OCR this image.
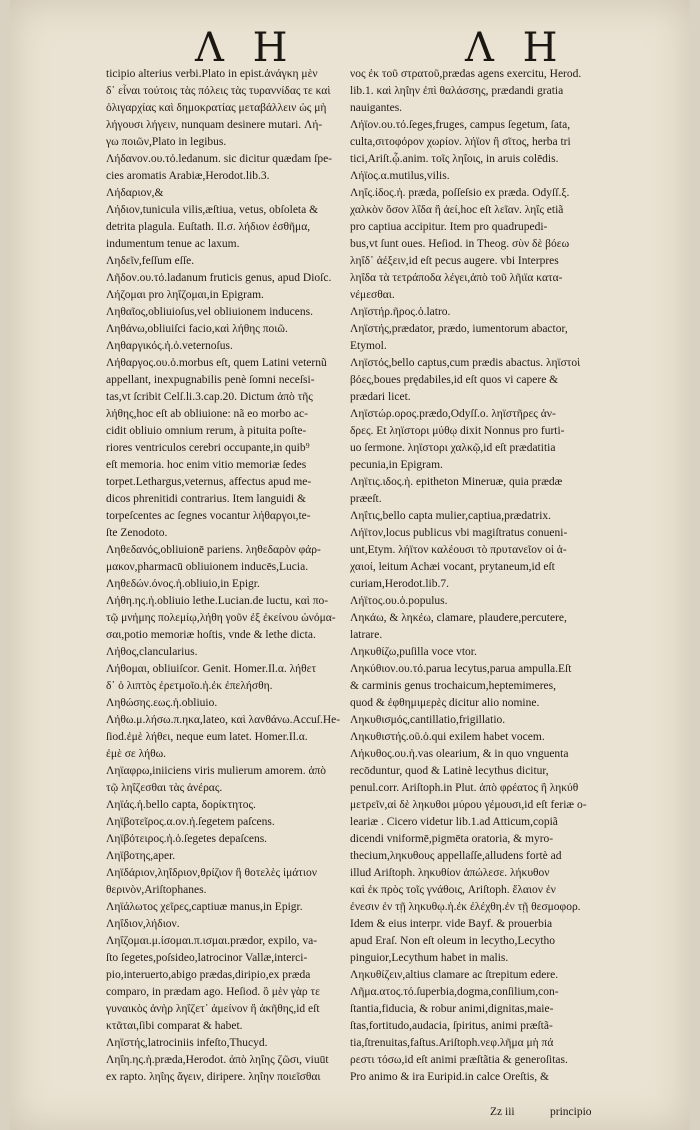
Λ Η	Λ Η
ticipio alterius verbi.Plato in epist.ἀνάγκη μὲν
δ᾽ εἶναι τούτοις τὰς πόλεις τὰς τυραννίδας τε καὶ
ὀλιγαρχίας καὶ δημοκρατίας μεταβάλλειν ὡς μὴ
λήγουσι λήγειν, nunquam desinere mutari. Λή-
γω ποιῶν,Plato in legibus.
Λήδανον.ου.τό.ledanum. sic dicitur quædam ſpe-
cies aromatis Arabiæ,Herodot.lib.3.
Λήδαριον,&
Λήδιον,tunicula vilis,æſtiua, vetus, obſoleta &
detrita plagula. Euſtath. Il.σ. λήδιον ἐσθῆμα,
indumentum tenue ac laxum.
Ληδεῖν,feſſum eſſe.
Λῆδον.ου.τό.ladanum fruticis genus, apud Dioſc.
Λήζομαι pro ληΐζομαι,in Epigram.
Ληθαῖος,obliuioſus,vel obliuionem inducens.
Ληθάνω,obliuiſci facio,καὶ λήθης ποιῶ.
Ληθαργικός.ἡ.ὁ.veternoſus.
Λήθαργος.ου.ὁ.morbus eſt, quem Latini veternũ
appellant, inexpugnabilis penè ſomni neceſsi-
tas,vt ſcribit Celſ.li.3.cap.20. Dictum ἀπὸ τῆς
λήθης,hoc eſt ab obliuione: nã eo morbo ac-
cidit obliuio omnium rerum, à pituita poſte-
riores ventriculos cerebri occupante,in quib⁹
eſt memoria. hoc enim vitio memoriæ ſedes
torpet.Lethargus,veternus, affectus apud me-
dicos phrenitidi contrarius. Item languidi &
torpeſcentes ac ſegnes vocantur λήθαργοι,te-
ſte Zenodoto.
Ληθεδανός,obliuionē pariens. ληθεδαρὸν φάρ-
μακον,pharmacū obliuionem inducēs,Lucia.
Ληθεδών.όνος.ἡ.obliuio,in Epigr.
Λήθη.ης.ἡ.obliuio lethe.Lucian.de luctu, καὶ πο-
τῷ μνήμης πολεμίῳ,λήθη γοῦν ἐξ ἐκείνου ὠνόμα-
σαι,potio memoriæ hoſtis, vnde & lethe dicta.
Λήθος,clancularius.
Λήθομαι, obliuiſcor. Genit. Homer.Il.α. λήθετ
δ᾽ ὁ λιπτὸς ἐρετμοῖο.ἡ.ἐκ ἐπελήσθη.
Ληθώσης.εως.ἡ.obliuio.
Λήθω.μ.λήσω.π.ηκα,lateo, καὶ λανθάνω.Accuſ.He-
ſiod.ἐμὲ λήθει, neque eum latet. Homer.Il.α.
ἐμὲ σε λήθω.
Ληϊαφρω,iniiciens viris mulierum amorem. ἀπὸ
τῷ ληΐζεσθαι τὰς ἀνέρας.
Ληϊάς.ἡ.bello capta, δορίκτητος.
Ληϊβοτεῖρος.α.ον.ἡ.ſegetem paſcens.
Ληϊβότειρος.ἡ.ὁ.ſegetes depaſcens.
Ληϊβοτης,aper.
Ληϊδάριον,ληΐδριον,θρίζιον ἢ θοτελὲς ἱμάτιον
θερινὸν,Ariſtophanes.
Ληϊάλωτος χεῖρες,captiuæ manus,in Epigr.
Ληΐδιον,λήδιον.
Ληΐζομαι.μ.ίσομαι.π.ισμαι.prædor, expilo, va-
ſto ſegetes,poſsideo,latrocinor Vallæ,interci-
pio,interuerto,abigo prædas,diripio,ex præda
comparo, in prædam ago. Heſiod. ὃ μὲν γὰρ τε
γυναικὸς ἀνὴρ ληΐζετ᾽ ἀμείνον ἢ ἀκῆθης,id eſt
κτᾶται,ſibi comparat & habet.
Ληϊστής,latrociniis infeſto,Thucyd.
Ληΐη.ης.ἡ.præda,Herodot. ἀπὸ ληΐης ζῶσι, viuūt
ex rapto. ληΐης ἄγειν, diripere. ληΐην ποιεῖσθαι
νος ἐκ τοῦ στρατοῦ,prædas agens exercitu, Herod.
lib.1. καὶ ληΐην ἐπὶ θαλάσσης, prædandi gratia
nauigantes.
Λήϊον.ου.τό.ſeges,fruges, campus ſegetum, ſata,
culta,σιτοφόρον χωρίον. λήϊον ἢ σῖτος, herba tri
tici,Ariſt.ᾧ.anim. τοῖς ληΐοις, in aruis colēdis.
Λήϊος.α.mutilus,vilis.
Ληΐς.ίδος.ἡ. præda, poſſeſsio ex præda. Odyſſ.ξ.
χαλκὸν ὅσον λΐδα ἢ ἀεί,hoc eſt λεῖαν. ληΐς etiã
pro captiua accipitur. Item pro quadrupedi-
bus,vt ſunt oues. Heſiod. in Theog. σὺν δὲ βόεω
ληΐδ᾽ ἀέξειν,id eſt pecus augere. vbi Interpres
ληΐδα τὰ τετράποδα λέγει,ἀπὸ τοῦ λῆιϊα κατα-
νέμεσθαι.
Ληϊστήρ.ῆρος.ὁ.latro.
Ληϊστής,prædator, prædo, iumentorum abactor,
Etymol.
Ληϊστός,bello captus,cum prædis abactus. ληϊστοὶ
βόες,boues prędabiles,id eſt quos vi capere &
prædari licet.
Ληϊστώρ.ορος.prædo,Odyſſ.ο. ληϊστῆρες ἀν-
δρες. Et ληϊστορι μύθῳ dixit Nonnus pro furti-
uo ſermone. ληϊστορι χαλκῷ,id eſt prædatitia
pecunia,in Epigram.
Ληϊτις.ιδος.ἡ. epitheton Mineruæ, quia prædæ
præeſt.
Ληΐτις,bello capta mulier,captiua,prædatrix.
Λήϊτον,locus publicus vbi magiſtratus conueni-
unt,Etym. λήϊτον καλέουσι τὸ πρυτανεῖον οἱ ἀ-
χαιοί, leitum Achæi vocant, prytaneum,id eſt
curiam,Herodot.lib.7.
Λήϊτος.ου.ὁ.populus.
Ληκάω, & ληκέω, clamare, plaudere,percutere,
latrare.
Ληκυθίζω,puſilla voce vtor.
Ληκύθιον.ου.τό.parua lecytus,parua ampulla.Eſt
& carminis genus trochaicum,heptemimeres,
quod & ἐφθημιμερὲς dicitur alio nomine.
Ληκυθισμός,cantillatio,frigillatio.
Ληκυθιστής.οῦ.ὁ.qui exilem habet vocem.
Λήκυθος.ου.ἡ.vas olearium, & in quo vnguenta
recōduntur, quod & Latinè lecythus dicitur,
penul.corr. Ariſtoph.in Plut. ἀπὸ φρέατος ἢ ληκύθ
μετρεῖν,αἱ δὲ ληκυθοι μύρου γέμουσι,id eſt feriæ o-
leariæ . Cicero videtur lib.1.ad Atticum,copiã
dicendi vniformē,pigmēta oratoria, & myro-
thecium,ληκυθους appellaſſe,alludens fortè ad
illud Ariſtoph. ληκυθίον ἀπώλεσε. λήκυθον
καὶ ἐκ πρὸς τοῖς γνάθοις, Ariſtoph. ἔλαιον ἐν
ἐνεσιν ἐν τῇ ληκυθῳ.ἡ.ἐκ ἐλέχθη.ἐν τῇ θεσμοφορ.
Idem & eius interpr. vide Bayf. & prouerbia
apud Eraſ. Non eſt oleum in lecytho,Lecytho
pinguior,Lecythum habet in malis.
Ληκυθίζειν,altius clamare ac ſtrepitum edere.
Λῆμα.ατος.τό.ſuperbia,dogma,conſilium,con-
ſtantia,fiducia, & robur animi,dignitas,maie-
ſtas,fortitudo,audacia, ſpiritus, animi præſtã-
tia,ſtrenuitas,faſtus.Ariſtoph.νεφ.λῆμα μὴ πά
ρεστι τόσω,id eſt animi præſtãtia & generoſitas.
Pro animo & ira Euripid.in calce Oreſtis, &
Zz iii	principio
